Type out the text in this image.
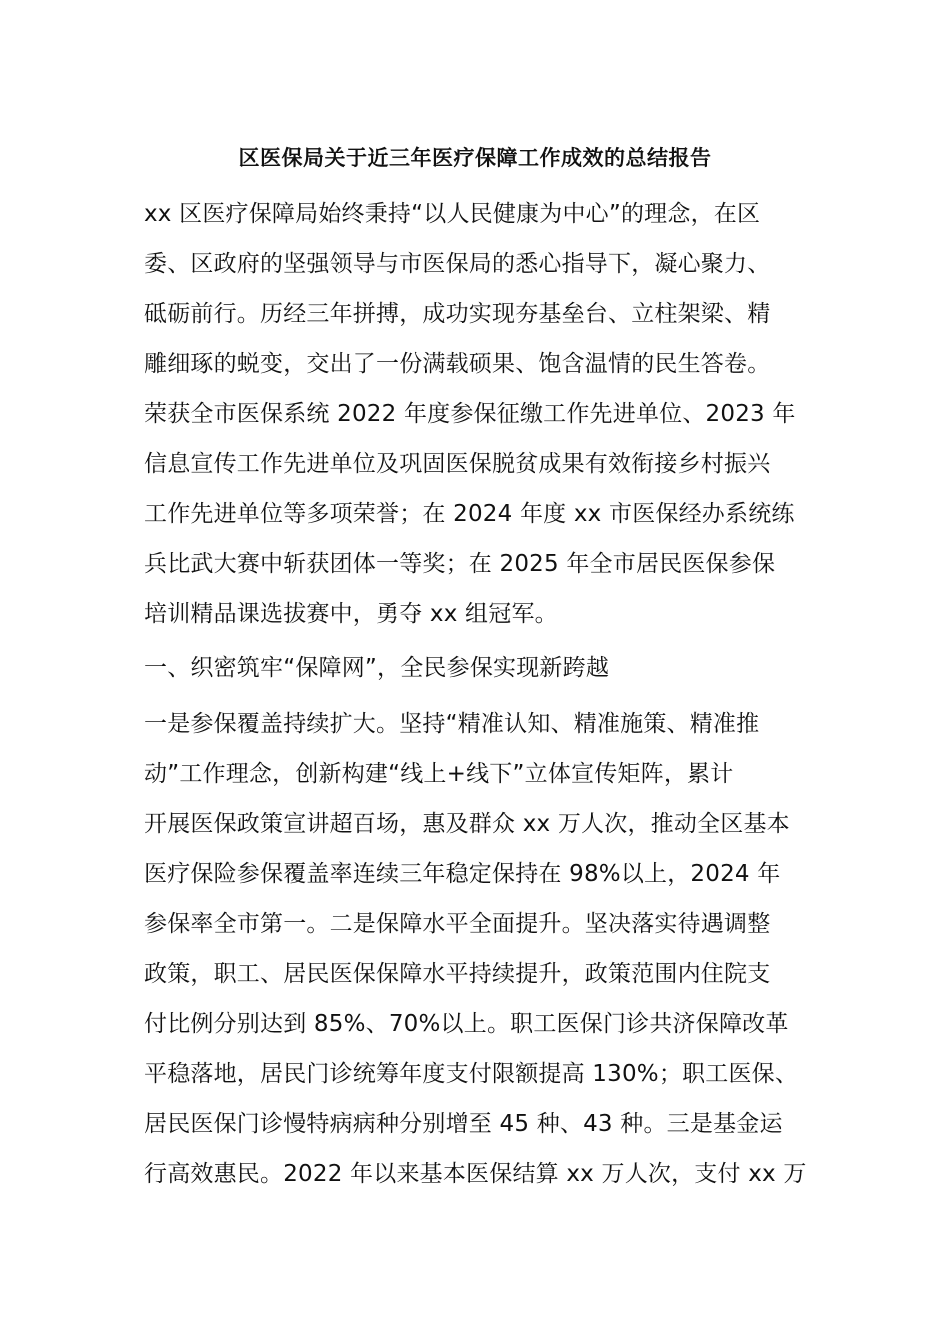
区医保局关于近三年医疗保障工作成效的总结报告
xx 区医疗保障局始终秉持“以人民健康为中心”的理念，在区
委、区政府的坚强领导与市医保局的悉心指导下，凝心聚力、
砥砺前行。历经三年拼搏，成功实现夯基垒台、立柱架梁、精
雕细琢的蜕变，交出了一份满载硕果、饱含温情的民生答卷。
荣获全市医保系统 2022 年度参保征缴工作先进单位、2023 年
信息宣传工作先进单位及巩固医保脱贫成果有效衔接乡村振兴
工作先进单位等多项荣誉；在 2024 年度 xx 市医保经办系统练
兵比武大赛中斩获团体一等奖；在 2025 年全市居民医保参保
培训精品课选拔赛中，勇夺 xx 组冠军。
一、织密筑牢“保障网”，全民参保实现新跨越
一是参保覆盖持续扩大。坚持“精准认知、精准施策、精准推
动”工作理念，创新构建“线上+线下”立体宣传矩阵，累计
开展医保政策宣讲超百场，惠及群众 xx 万人次，推动全区基本
医疗保险参保覆盖率连续三年稳定保持在 98%以上，2024 年
参保率全市第一。二是保障水平全面提升。坚决落实待遇调整
政策，职工、居民医保保障水平持续提升，政策范围内住院支
付比例分别达到 85%、70%以上。职工医保门诊共济保障改革
平稳落地，居民门诊统筹年度支付限额提高 130%；职工医保、
居民医保门诊慢特病病种分别增至 45 种、43 种。三是基金运
行高效惠民。2022 年以来基本医保结算 xx 万人次，支付 xx 万
